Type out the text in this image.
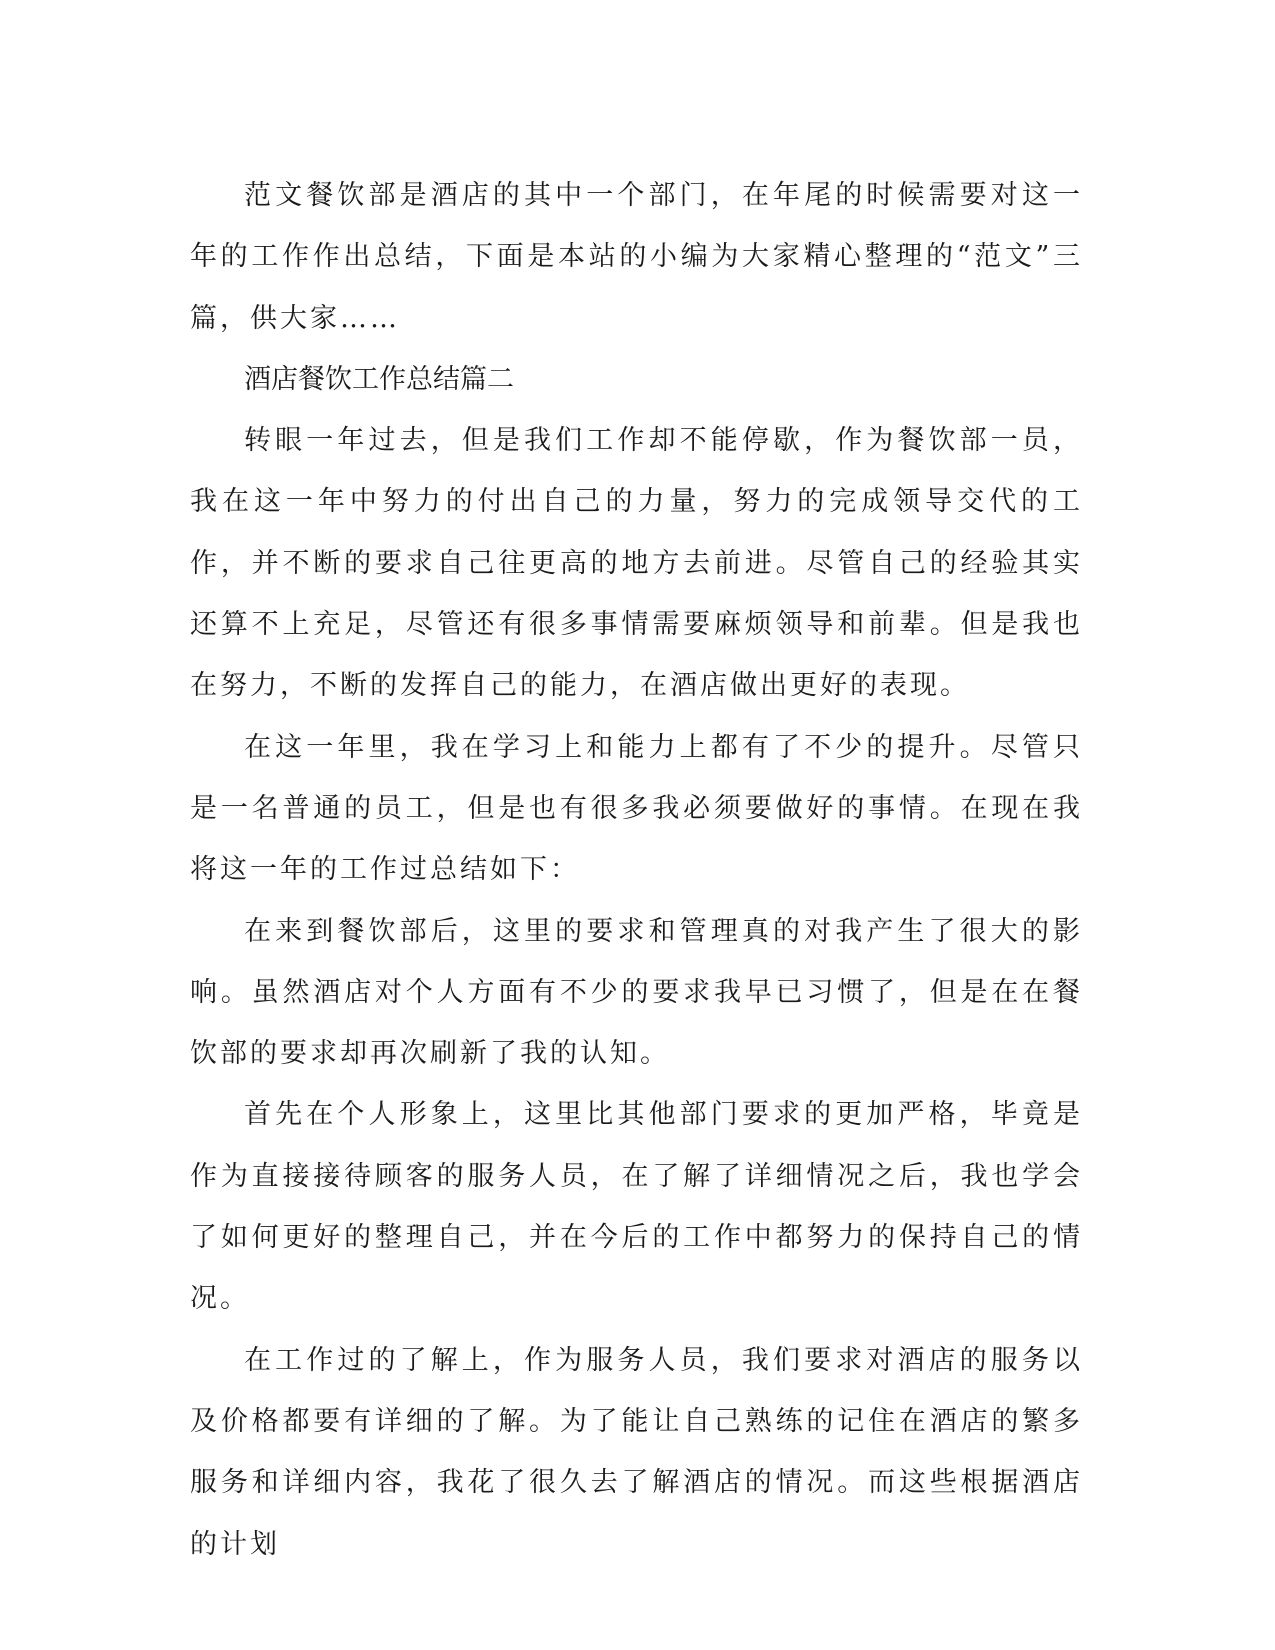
范文餐饮部是酒店的其中一个部门，在年尾的时候需要对这一年的工作作出总结，下面是本站的小编为大家精心整理的“范文”三篇，供大家……

酒店餐饮工作总结篇二

转眼一年过去，但是我们工作却不能停歇，作为餐饮部一员，我在这一年中努力的付出自己的力量，努力的完成领导交代的工作，并不断的要求自己往更高的地方去前进。尽管自己的经验其实还算不上充足，尽管还有很多事情需要麻烦领导和前辈。但是我也在努力，不断的发挥自己的能力，在酒店做出更好的表现。

在这一年里，我在学习上和能力上都有了不少的提升。尽管只是一名普通的员工，但是也有很多我必须要做好的事情。在现在我将这一年的工作过总结如下：

在来到餐饮部后，这里的要求和管理真的对我产生了很大的影响。虽然酒店对个人方面有不少的要求我早已习惯了，但是在在餐饮部的要求却再次刷新了我的认知。

首先在个人形象上，这里比其他部门要求的更加严格，毕竟是作为直接接待顾客的服务人员，在了解了详细情况之后，我也学会了如何更好的整理自己，并在今后的工作中都努力的保持自己的情况。

在工作过的了解上，作为服务人员，我们要求对酒店的服务以及价格都要有详细的了解。为了能让自己熟练的记住在酒店的繁多服务和详细内容，我花了很久去了解酒店的情况。而这些根据酒店的计划
